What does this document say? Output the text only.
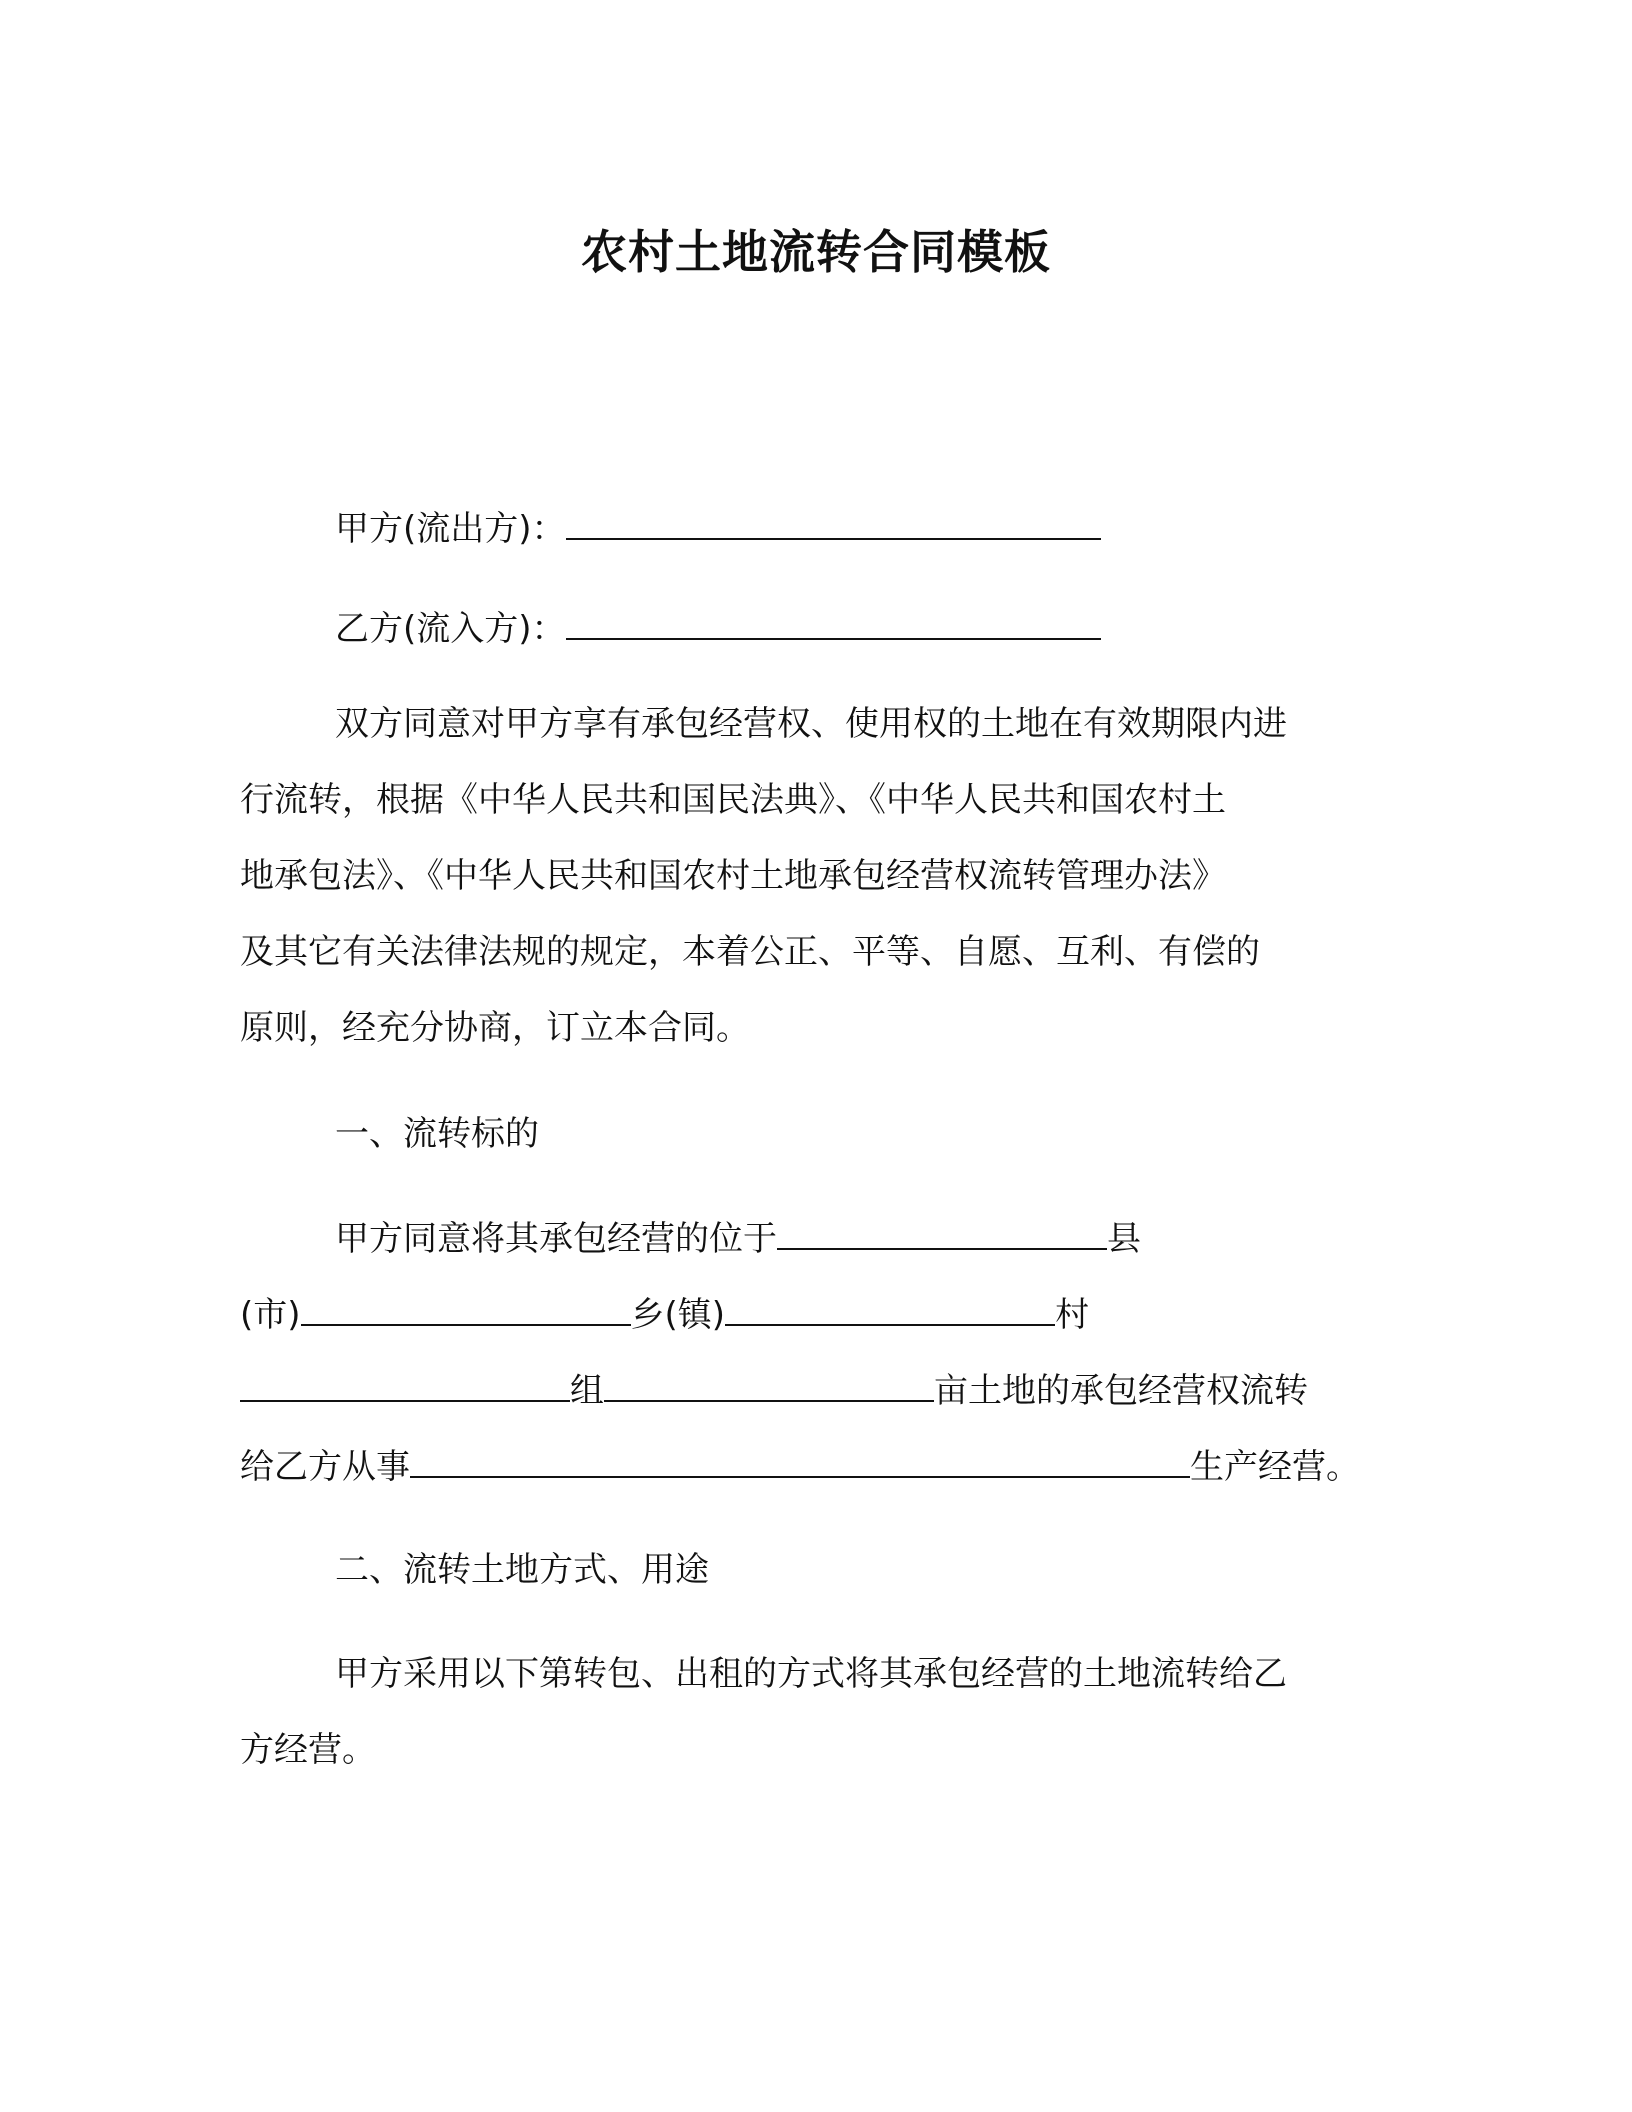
农村土地流转合同模板
甲方(流出方)：
乙方(流入方)：
双方同意对甲方享有承包经营权、使用权的土地在有效期限内进
行流转，根据《中华人民共和国民法典》、《中华人民共和国农村土
地承包法》、《中华人民共和国农村土地承包经营权流转管理办法》
及其它有关法律法规的规定，本着公正、平等、自愿、互利、有偿的
原则，经充分协商，订立本合同。
一、流转标的
甲方同意将其承包经营的位于	县
(市)	乡(镇)	村
组	亩土地的承包经营权流转
给乙方从事	生产经营。
二、流转土地方式、用途
甲方采用以下第转包、出租的方式将其承包经营的土地流转给乙
方经营。
